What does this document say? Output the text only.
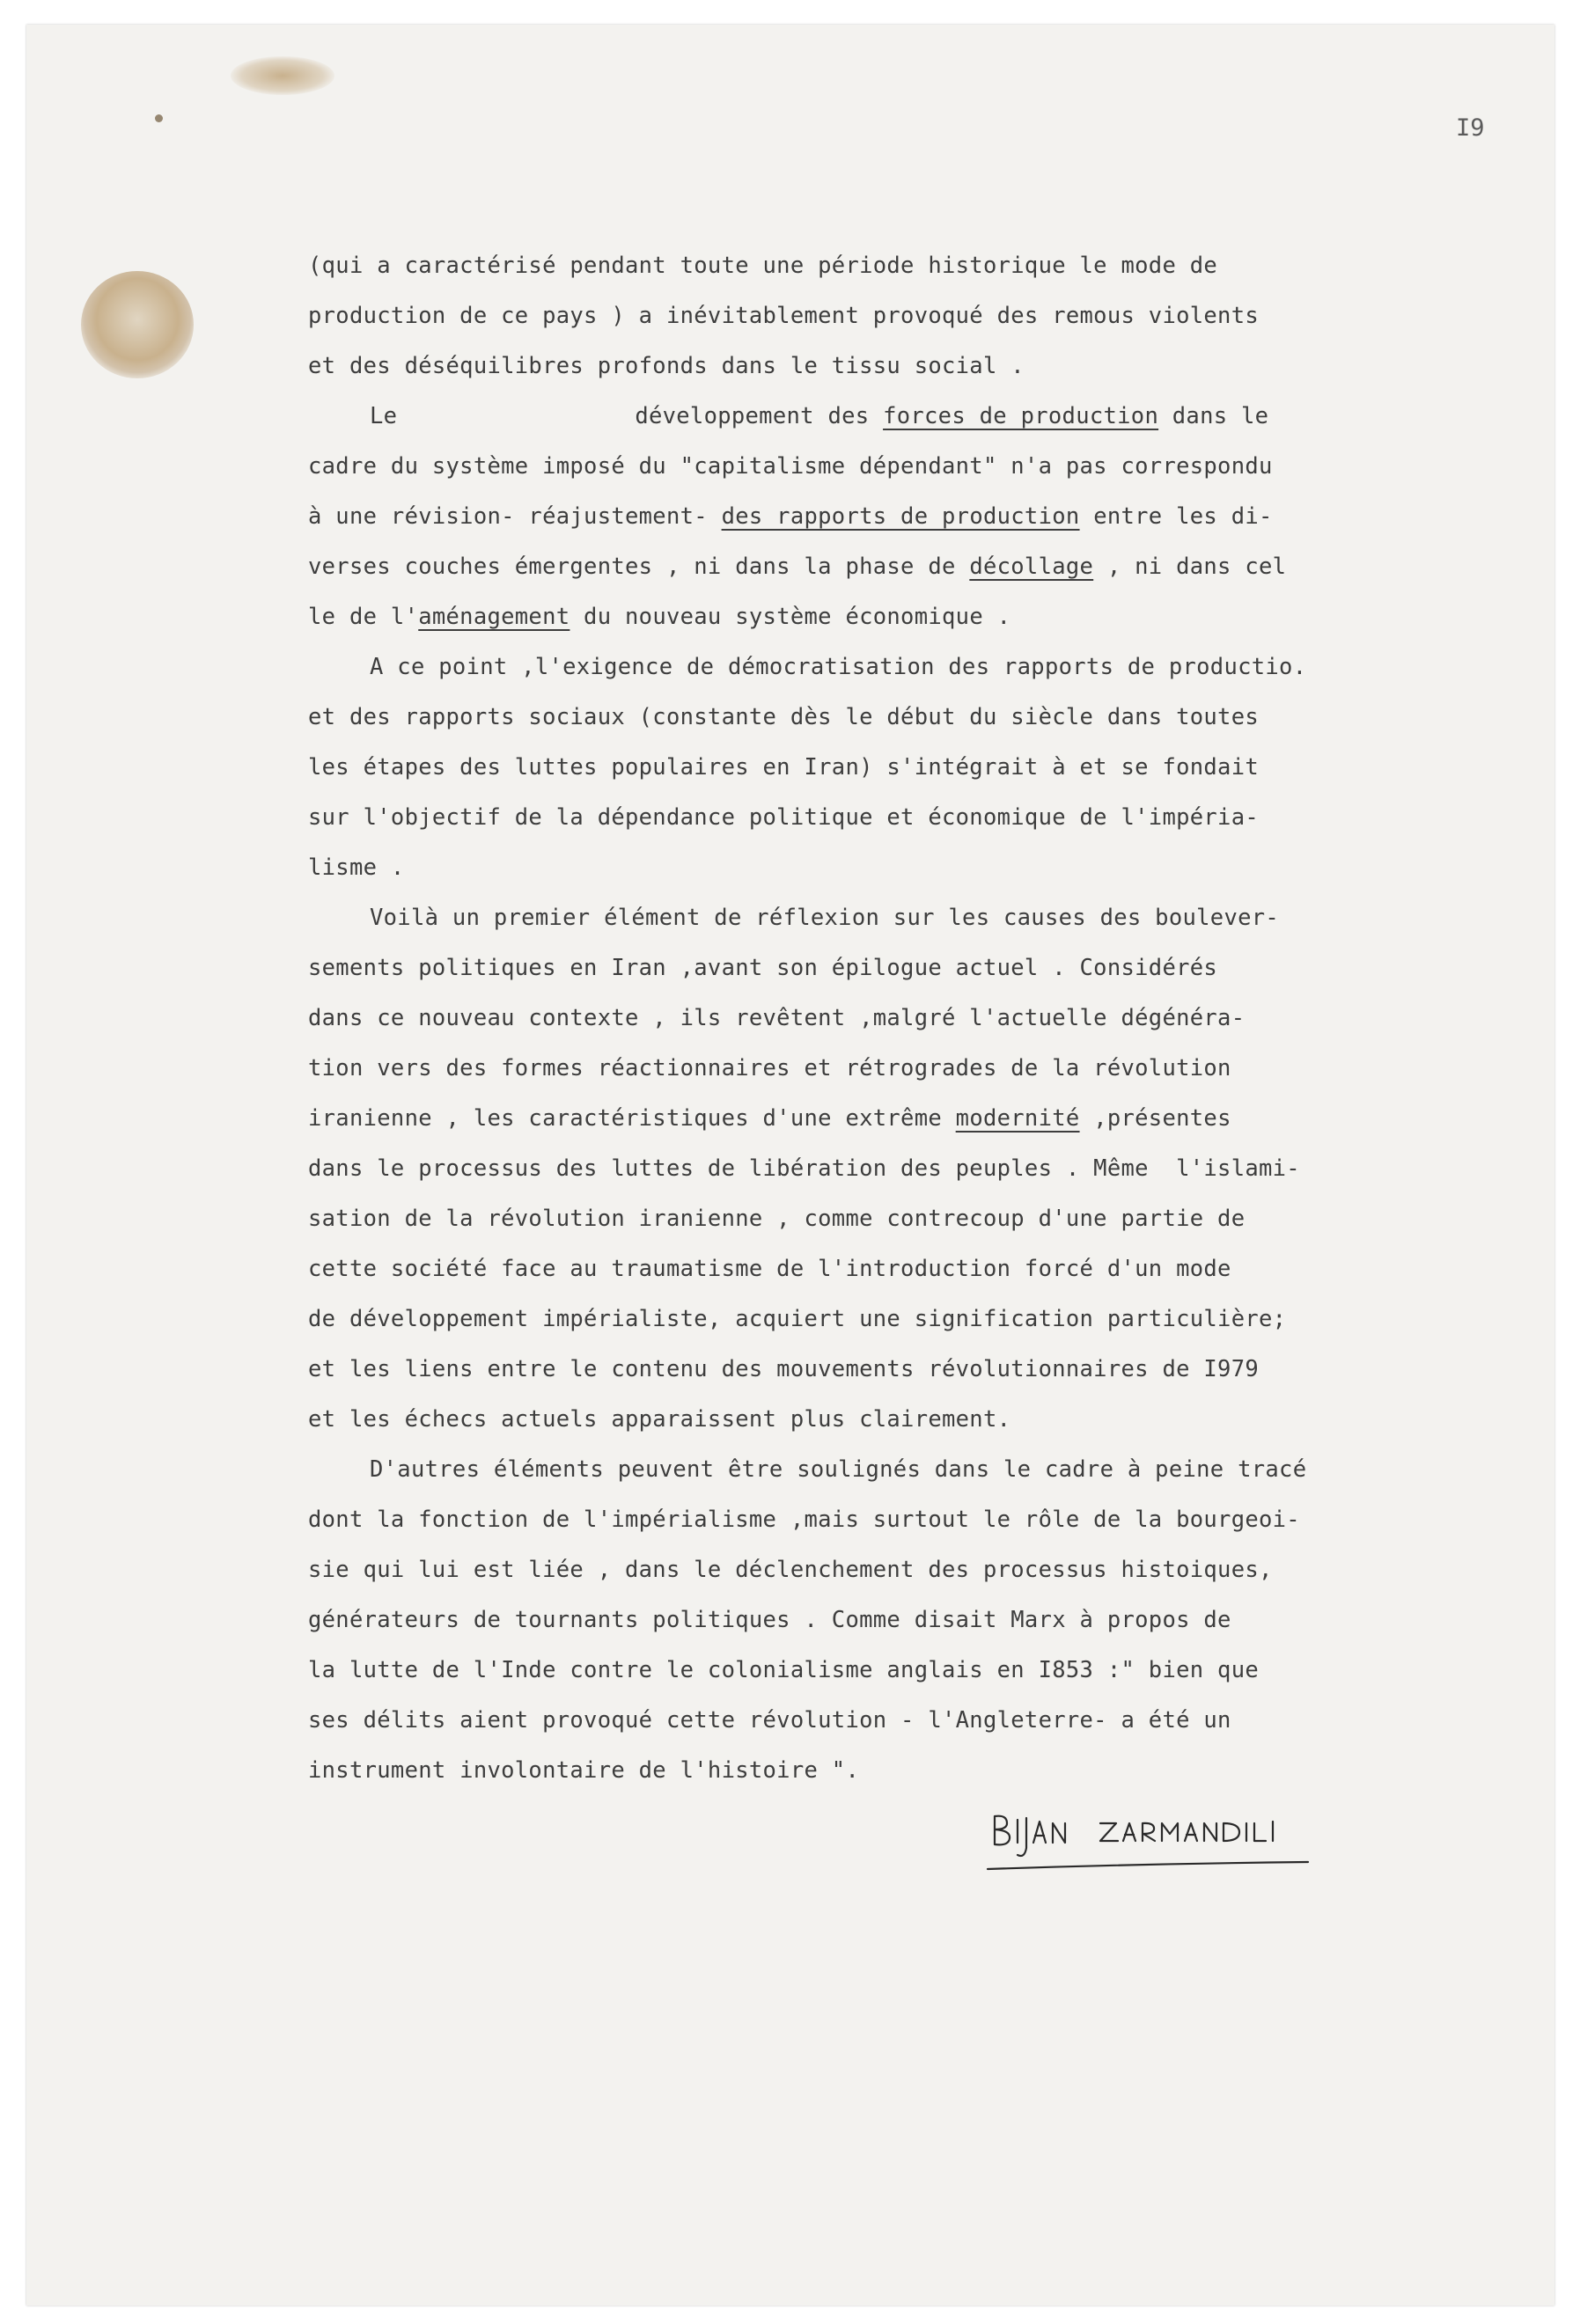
I9
(qui a caractérisé pendant toute une période historique le mode de
production de ce pays ) a inévitablement provoqué des remous violents
et des déséquilibres profonds dans le tissu social .
Le	développement des forces de production dans le
cadre du système imposé du "capitalisme dépendant" n'a pas correspondu
à une révision- réajustement- des rapports de production entre les di-
verses couches émergentes , ni dans la phase de décollage , ni dans cel
le de l'aménagement du nouveau système économique .
A ce point ,l'exigence de démocratisation des rapports de productio.
et des rapports sociaux (constante dès le début du siècle dans toutes
les étapes des luttes populaires en Iran) s'intégrait à et se fondait
sur l'objectif de la dépendance politique et économique de l'impéria-
lisme .
Voilà un premier élément de réflexion sur les causes des boulever-
sements politiques en Iran ,avant son épilogue actuel . Considérés
dans ce nouveau contexte , ils revêtent ,malgré l'actuelle dégénéra-
tion vers des formes réactionnaires et rétrogrades de la révolution
iranienne , les caractéristiques d'une extrême modernité ,présentes
dans le processus des luttes de libération des peuples . Même  l'islami-
sation de la révolution iranienne , comme contrecoup d'une partie de
cette société face au traumatisme de l'introduction forcé d'un mode
de développement impérialiste, acquiert une signification particulière;
et les liens entre le contenu des mouvements révolutionnaires de I979
et les échecs actuels apparaissent plus clairement.
D'autres éléments peuvent être soulignés dans le cadre à peine tracé
dont la fonction de l'impérialisme ,mais surtout le rôle de la bourgeoi-
sie qui lui est liée , dans le déclenchement des processus histoiques,
générateurs de tournants politiques . Comme disait Marx à propos de
la lutte de l'Inde contre le colonialisme anglais en I853 :" bien que
ses délits aient provoqué cette révolution - l'Angleterre- a été un
instrument involontaire de l'histoire ".
BIJAN ZARMANDILI
